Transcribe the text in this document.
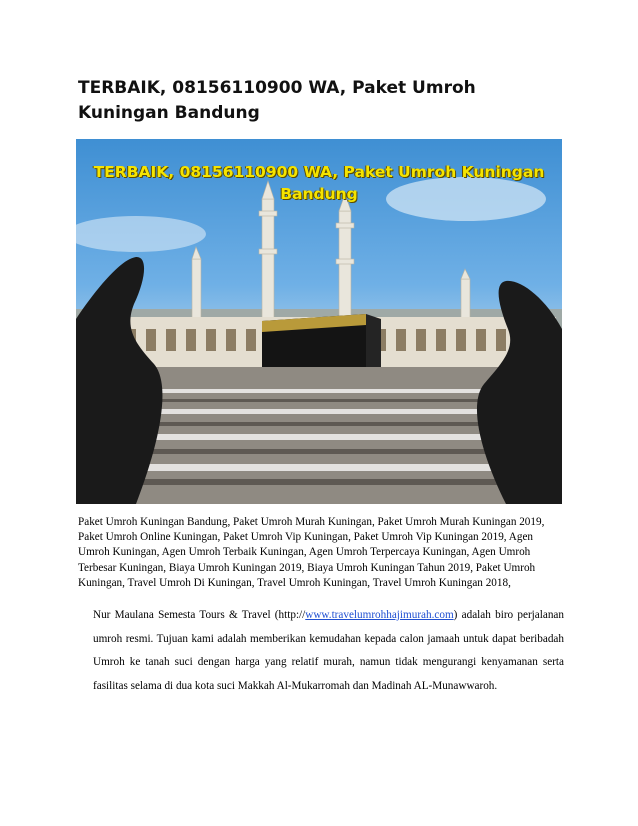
TERBAIK, 08156110900 WA, Paket Umroh Kuningan Bandung
TERBAIK, 08156110900 WA, Paket Umroh Kuningan
Bandung
Paket Umroh Kuningan Bandung, Paket Umroh Murah Kuningan, Paket Umroh Murah Kuningan 2019, Paket Umroh Online Kuningan, Paket Umroh Vip Kuningan, Paket Umroh Vip Kuningan 2019, Agen Umroh Kuningan, Agen Umroh Terbaik Kuningan, Agen Umroh Terpercaya Kuningan, Agen Umroh Terbesar Kuningan, Biaya Umroh Kuningan 2019, Biaya Umroh Kuningan Tahun 2019, Paket Umroh Kuningan, Travel Umroh Di Kuningan, Travel Umroh Kuningan, Travel Umroh Kuningan 2018,
Nur Maulana Semesta Tours & Travel (http://www.travelumrohhajimurah.com) adalah biro perjalanan umroh resmi. Tujuan kami adalah memberikan kemudahan kepada calon jamaah untuk dapat beribadah Umroh ke tanah suci dengan harga yang relatif murah, namun tidak mengurangi kenyamanan serta fasilitas selama di dua kota suci Makkah Al-Mukarromah dan Madinah AL-Munawwaroh.
